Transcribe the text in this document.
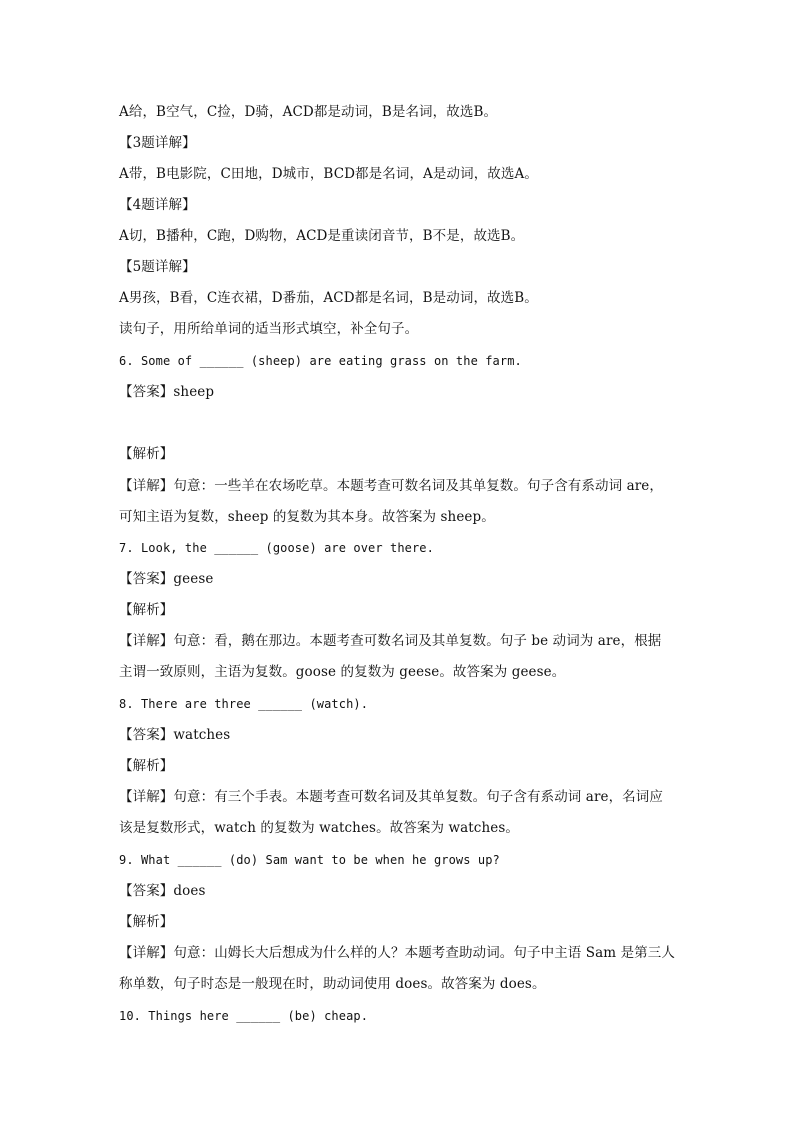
A给，B空气，C捡，D骑，ACD都是动词，B是名词，故选B。
【3题详解】
A带，B电影院，C田地，D城市，BCD都是名词，A是动词，故选A。
【4题详解】
A切，B播种，C跑，D购物，ACD是重读闭音节，B不是，故选B。
【5题详解】
A男孩，B看，C连衣裙，D番茄，ACD都是名词，B是动词，故选B。
读句子，用所给单词的适当形式填空，补全句子。
6. Some of ______ (sheep) are eating grass on the farm.
【答案】sheep
【解析】
【详解】句意：一些羊在农场吃草。本题考查可数名词及其单复数。句子含有系动词 are，
可知主语为复数，sheep 的复数为其本身。故答案为 sheep。
7. Look, the ______ (goose) are over there.
【答案】geese
【解析】
【详解】句意：看，鹅在那边。本题考查可数名词及其单复数。句子 be 动词为 are，根据
主谓一致原则，主语为复数。goose 的复数为 geese。故答案为 geese。
8. There are three ______ (watch).
【答案】watches
【解析】
【详解】句意：有三个手表。本题考查可数名词及其单复数。句子含有系动词 are，名词应
该是复数形式，watch 的复数为 watches。故答案为 watches。
9. What ______ (do) Sam want to be when he grows up?
【答案】does
【解析】
【详解】句意：山姆长大后想成为什么样的人？本题考查助动词。句子中主语 Sam 是第三人
称单数，句子时态是一般现在时，助动词使用 does。故答案为 does。
10. Things here ______ (be) cheap.
